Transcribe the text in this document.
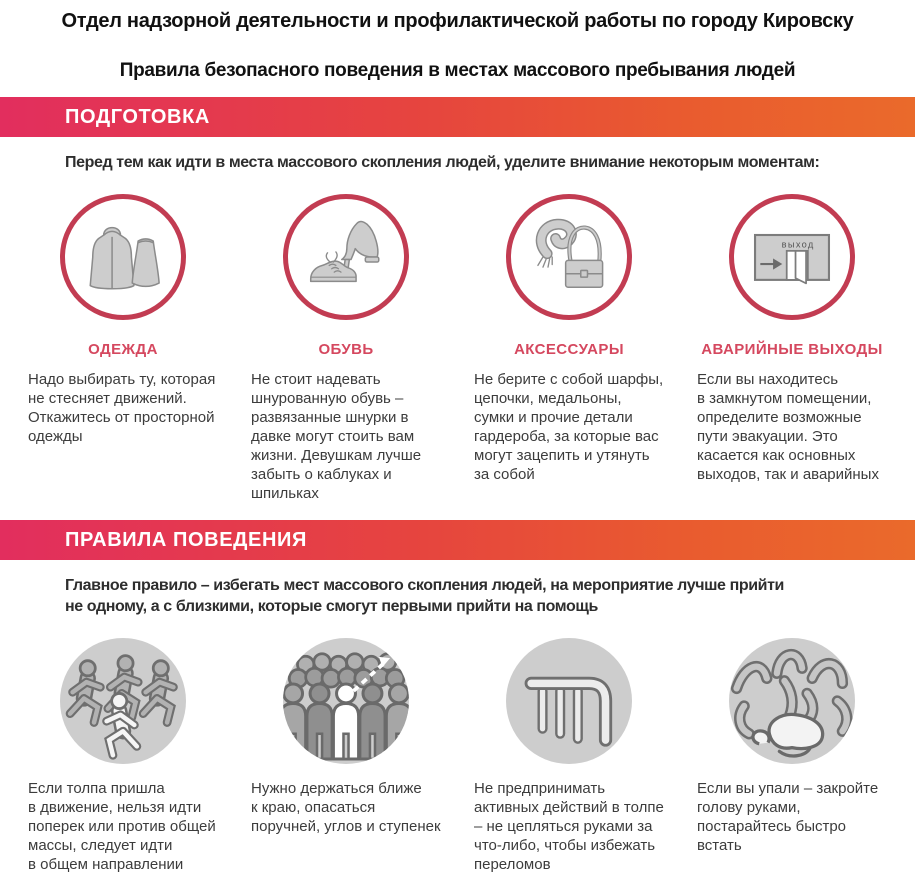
Отдел надзорной деятельности и профилактической работы по городу Кировску
Правила безопасного поведения в местах массового пребывания людей
ПОДГОТОВКА
Перед тем как идти в места массового скопления людей, уделите внимание некоторым моментам:
ОДЕЖДА
Надо выбирать ту, которая не стесняет движений. Откажитесь от просторной одежды
ОБУВЬ
Не стоит надевать шнурованную обувь – развязанные шнурки в давке могут стоить вам жизни. Девушкам лучше забыть о каблуках и шпильках
АКСЕССУАРЫ
Не берите с собой шарфы, цепочки, медальоны, сумки и прочие детали гардероба, за которые вас могут зацепить и утянуть за собой
выход
АВАРИЙНЫЕ ВЫХОДЫ
Если вы находитесь в замкнутом помещении, определите возможные пути эвакуации. Это касается как основных выходов, так и аварийных
ПРАВИЛА ПОВЕДЕНИЯ
Главное правило – избегать мест массового скопления людей, на мероприятие лучше прийти не одному, а с близкими, которые смогут первыми прийти на помощь
Если толпа пришла в движение, нельзя идти поперек или против общей массы, следует идти в общем направлении
Нужно держаться ближе к краю, опасаться поручней, углов и ступенек
Не предпринимать активных действий в толпе – не цепляться руками за что-либо, чтобы избежать переломов
Если вы упали – закройте голову руками, постарайтесь быстро встать
